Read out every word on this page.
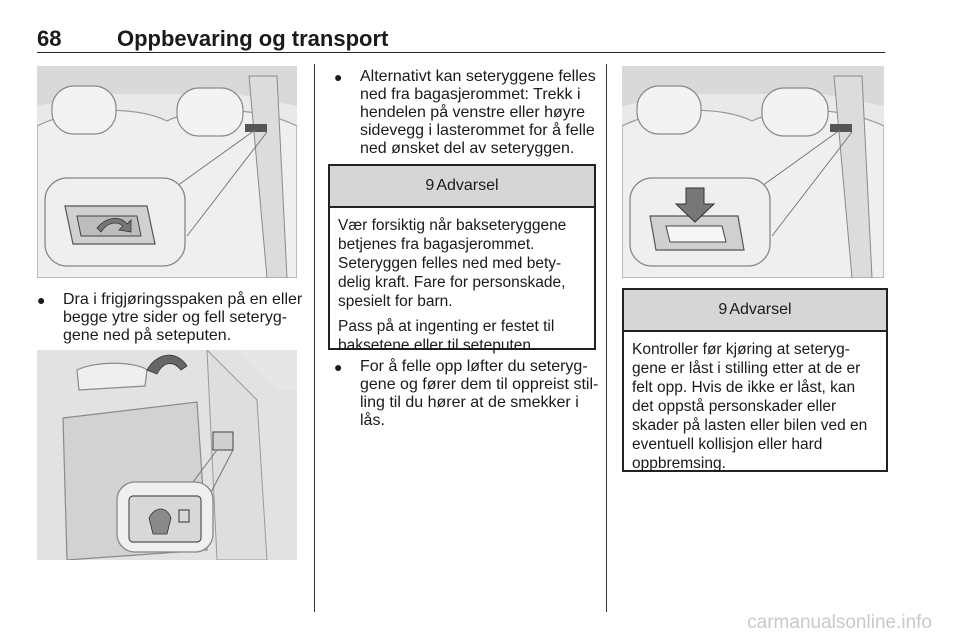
68	Oppbevaring og transport
● Dra i frigjøringsspaken på en eller
begge ytre sider og fell seteryg-
gene ned på seteputen.
● Alternativt kan seteryggene felles
ned fra bagasjerommet: Trekk i
hendelen på venstre eller høyre
sidevegg i lasterommet for å felle
ned ønsket del av seteryggen.
9 Advarsel
Vær forsiktig når bakseteryggene
betjenes fra bagasjerommet.
Seteryggen felles ned med bety-
delig kraft. Fare for personskade,
spesielt for barn.
Pass på at ingenting er festet til
baksetene eller til seteputen.
● For å felle opp løfter du seteryg-
gene og fører dem til oppreist stil-
ling til du hører at de smekker i
lås.
9 Advarsel
Kontroller før kjøring at seteryg-
gene er låst i stilling etter at de er
felt opp. Hvis de ikke er låst, kan
det oppstå personskader eller
skader på lasten eller bilen ved en
eventuell kollisjon eller hard
oppbremsing.
carmanualsonline.info
